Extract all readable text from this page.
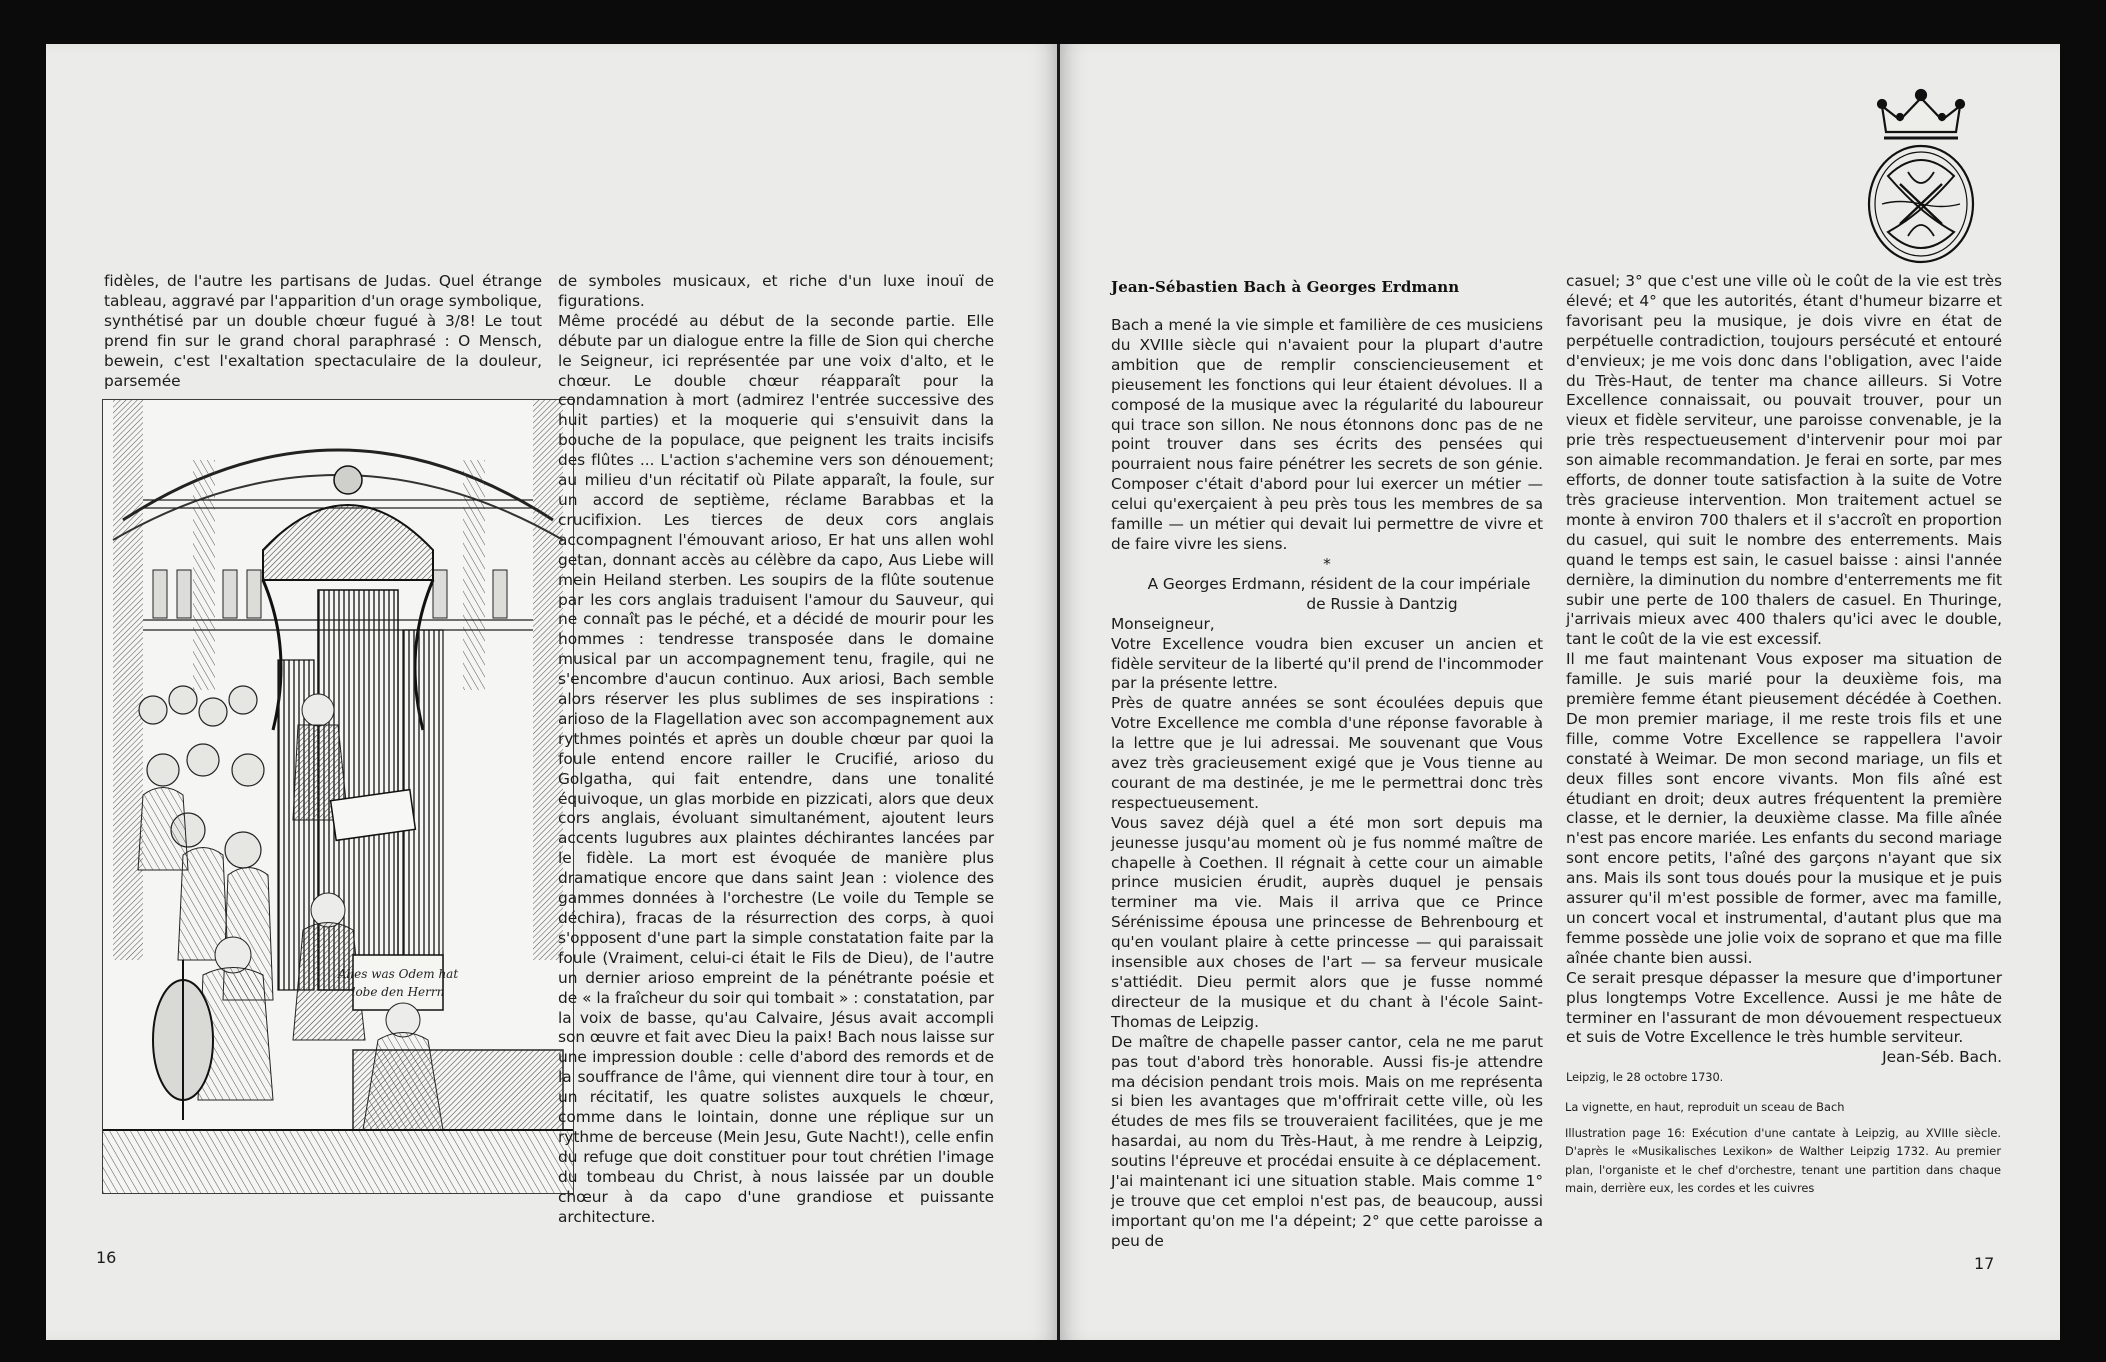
fidèles, de l'autre les partisans de Judas. Quel étrange tableau, aggravé par l'apparition d'un orage symbolique, synthétisé par un double chœur fugué à 3/8! Le tout prend fin sur le grand choral paraphrasé : O Mensch, bewein, c'est l'exaltation spectaculaire de la douleur, parsemée

Alles was Odem hat
lobe den Herrn
16

de symboles musicaux, et riche d'un luxe inouï de figurations.

Même procédé au début de la seconde partie. Elle débute par un dialogue entre la fille de Sion qui cherche le Seigneur, ici représentée par une voix d'alto, et le chœur. Le double chœur réapparaît pour la condamnation à mort (admirez l'entrée successive des huit parties) et la moquerie qui s'ensuivit dans la bouche de la populace, que peignent les traits incisifs des flûtes ... L'action s'achemine vers son dénouement; au milieu d'un récitatif où Pilate apparaît, la foule, sur un accord de septième, réclame Barabbas et la crucifixion. Les tierces de deux cors anglais accompagnent l'émouvant arioso, Er hat uns allen wohl getan, donnant accès au célèbre da capo, Aus Liebe will mein Heiland sterben. Les soupirs de la flûte soutenue par les cors anglais traduisent l'amour du Sauveur, qui ne connaît pas le péché, et a décidé de mourir pour les hommes : tendresse transposée dans le domaine musical par un accompagnement tenu, fragile, qui ne s'encombre d'aucun continuo. Aux ariosi, Bach semble alors réserver les plus sublimes de ses inspirations : arioso de la Flagellation avec son accompagnement aux rythmes pointés et après un double chœur par quoi la foule entend encore railler le Crucifié, arioso du Golgatha, qui fait entendre, dans une tonalité équivoque, un glas morbide en pizzicati, alors que deux cors anglais, évoluant simultanément, ajoutent leurs accents lugubres aux plaintes déchirantes lancées par le fidèle. La mort est évoquée de manière plus dramatique encore que dans saint Jean : violence des gammes données à l'orchestre (Le voile du Temple se déchira), fracas de la résurrection des corps, à quoi s'opposent d'une part la simple constatation faite par la foule (Vraiment, celui-ci était le Fils de Dieu), de l'autre un dernier arioso empreint de la pénétrante poésie et de « la fraîcheur du soir qui tombait » : constatation, par la voix de basse, qu'au Calvaire, Jésus avait accompli son œuvre et fait avec Dieu la paix! Bach nous laisse sur une impression double : celle d'abord des remords et de la souffrance de l'âme, qui viennent dire tour à tour, en un récitatif, les quatre solistes auxquels le chœur, comme dans le lointain, donne une réplique sur un rythme de berceuse (Mein Jesu, Gute Nacht!), celle enfin du refuge que doit constituer pour tout chrétien l'image du tombeau du Christ, à nous laissée par un double chœur à da capo d'une grandiose et puissante architecture.

Jean-Sébastien Bach à Georges Erdmann

Bach a mené la vie simple et familière de ces musiciens du XVIIIe siècle qui n'avaient pour la plupart d'autre ambition que de remplir consciencieusement et pieusement les fonctions qui leur étaient dévolues. Il a composé de la musique avec la régularité du laboureur qui trace son sillon. Ne nous étonnons donc pas de ne point trouver dans ses écrits des pensées qui pourraient nous faire pénétrer les secrets de son génie. Composer c'était d'abord pour lui exercer un métier — celui qu'exerçaient à peu près tous les membres de sa famille — un métier qui devait lui permettre de vivre et de faire vivre les siens.

*

A Georges Erdmann, résident de la cour impériale

de Russie à Dantzig

Monseigneur,

Votre Excellence voudra bien excuser un ancien et fidèle serviteur de la liberté qu'il prend de l'incommoder par la présente lettre.

Près de quatre années se sont écoulées depuis que Votre Excellence me combla d'une réponse favorable à la lettre que je lui adressai. Me souvenant que Vous avez très gracieusement exigé que je Vous tienne au courant de ma destinée, je me le permettrai donc très respectueusement.

Vous savez déjà quel a été mon sort depuis ma jeunesse jusqu'au moment où je fus nommé maître de chapelle à Coethen. Il régnait à cette cour un aimable prince musicien érudit, auprès duquel je pensais terminer ma vie. Mais il arriva que ce Prince Sérénissime épousa une princesse de Behrenbourg et qu'en voulant plaire à cette princesse — qui paraissait insensible aux choses de l'art — sa ferveur musicale s'attiédit. Dieu permit alors que je fusse nommé directeur de la musique et du chant à l'école Saint-Thomas de Leipzig.

De maître de chapelle passer cantor, cela ne me parut pas tout d'abord très honorable. Aussi fis-je attendre ma décision pendant trois mois. Mais on me représenta si bien les avantages que m'offrirait cette ville, où les études de mes fils se trouveraient facilitées, que je me hasardai, au nom du Très-Haut, à me rendre à Leipzig, soutins l'épreuve et procédai ensuite à ce déplacement.

J'ai maintenant ici une situation stable. Mais comme 1° je trouve que cet emploi n'est pas, de beaucoup, aussi important qu'on me l'a dépeint; 2° que cette paroisse a peu de

casuel; 3° que c'est une ville où le coût de la vie est très élevé; et 4° que les autorités, étant d'humeur bizarre et favorisant peu la musique, je dois vivre en état de perpétuelle contradiction, toujours persécuté et entouré d'envieux; je me vois donc dans l'obligation, avec l'aide du Très-Haut, de tenter ma chance ailleurs. Si Votre Excellence connaissait, ou pouvait trouver, pour un vieux et fidèle serviteur, une paroisse convenable, je la prie très respectueusement d'intervenir pour moi par son aimable recommandation. Je ferai en sorte, par mes efforts, de donner toute satisfaction à la suite de Votre très gracieuse intervention. Mon traitement actuel se monte à environ 700 thalers et il s'accroît en proportion du casuel, qui suit le nombre des enterrements. Mais quand le temps est sain, le casuel baisse : ainsi l'année dernière, la diminution du nombre d'enterrements me fit subir une perte de 100 thalers de casuel. En Thuringe, j'arrivais mieux avec 400 thalers qu'ici avec le double, tant le coût de la vie est excessif.

Il me faut maintenant Vous exposer ma situation de famille. Je suis marié pour la deuxième fois, ma première femme étant pieusement décédée à Coethen. De mon premier mariage, il me reste trois fils et une fille, comme Votre Excellence se rappellera l'avoir constaté à Weimar. De mon second mariage, un fils et deux filles sont encore vivants. Mon fils aîné est étudiant en droit; deux autres fréquentent la première classe, et le dernier, la deuxième classe. Ma fille aînée n'est pas encore mariée. Les enfants du second mariage sont encore petits, l'aîné des garçons n'ayant que six ans. Mais ils sont tous doués pour la musique et je puis assurer qu'il m'est possible de former, avec ma famille, un concert vocal et instrumental, d'autant plus que ma femme possède une jolie voix de soprano et que ma fille aînée chante bien aussi.

Ce serait presque dépasser la mesure que d'importuner plus longtemps Votre Excellence. Aussi je me hâte de terminer en l'assurant de mon dévouement respectueux et suis de Votre Excellence le très humble serviteur.

Jean-Séb. Bach.

Leipzig, le 28 octobre 1730.

La vignette, en haut, reproduit un sceau de Bach
Illustration page 16: Exécution d'une cantate à Leipzig, au XVIIIe siècle. D'après le «Musikalisches Lexikon» de Walther Leipzig 1732. Au premier plan, l'organiste et le chef d'orchestre, tenant une partition dans chaque main, derrière eux, les cordes et les cuivres
17
